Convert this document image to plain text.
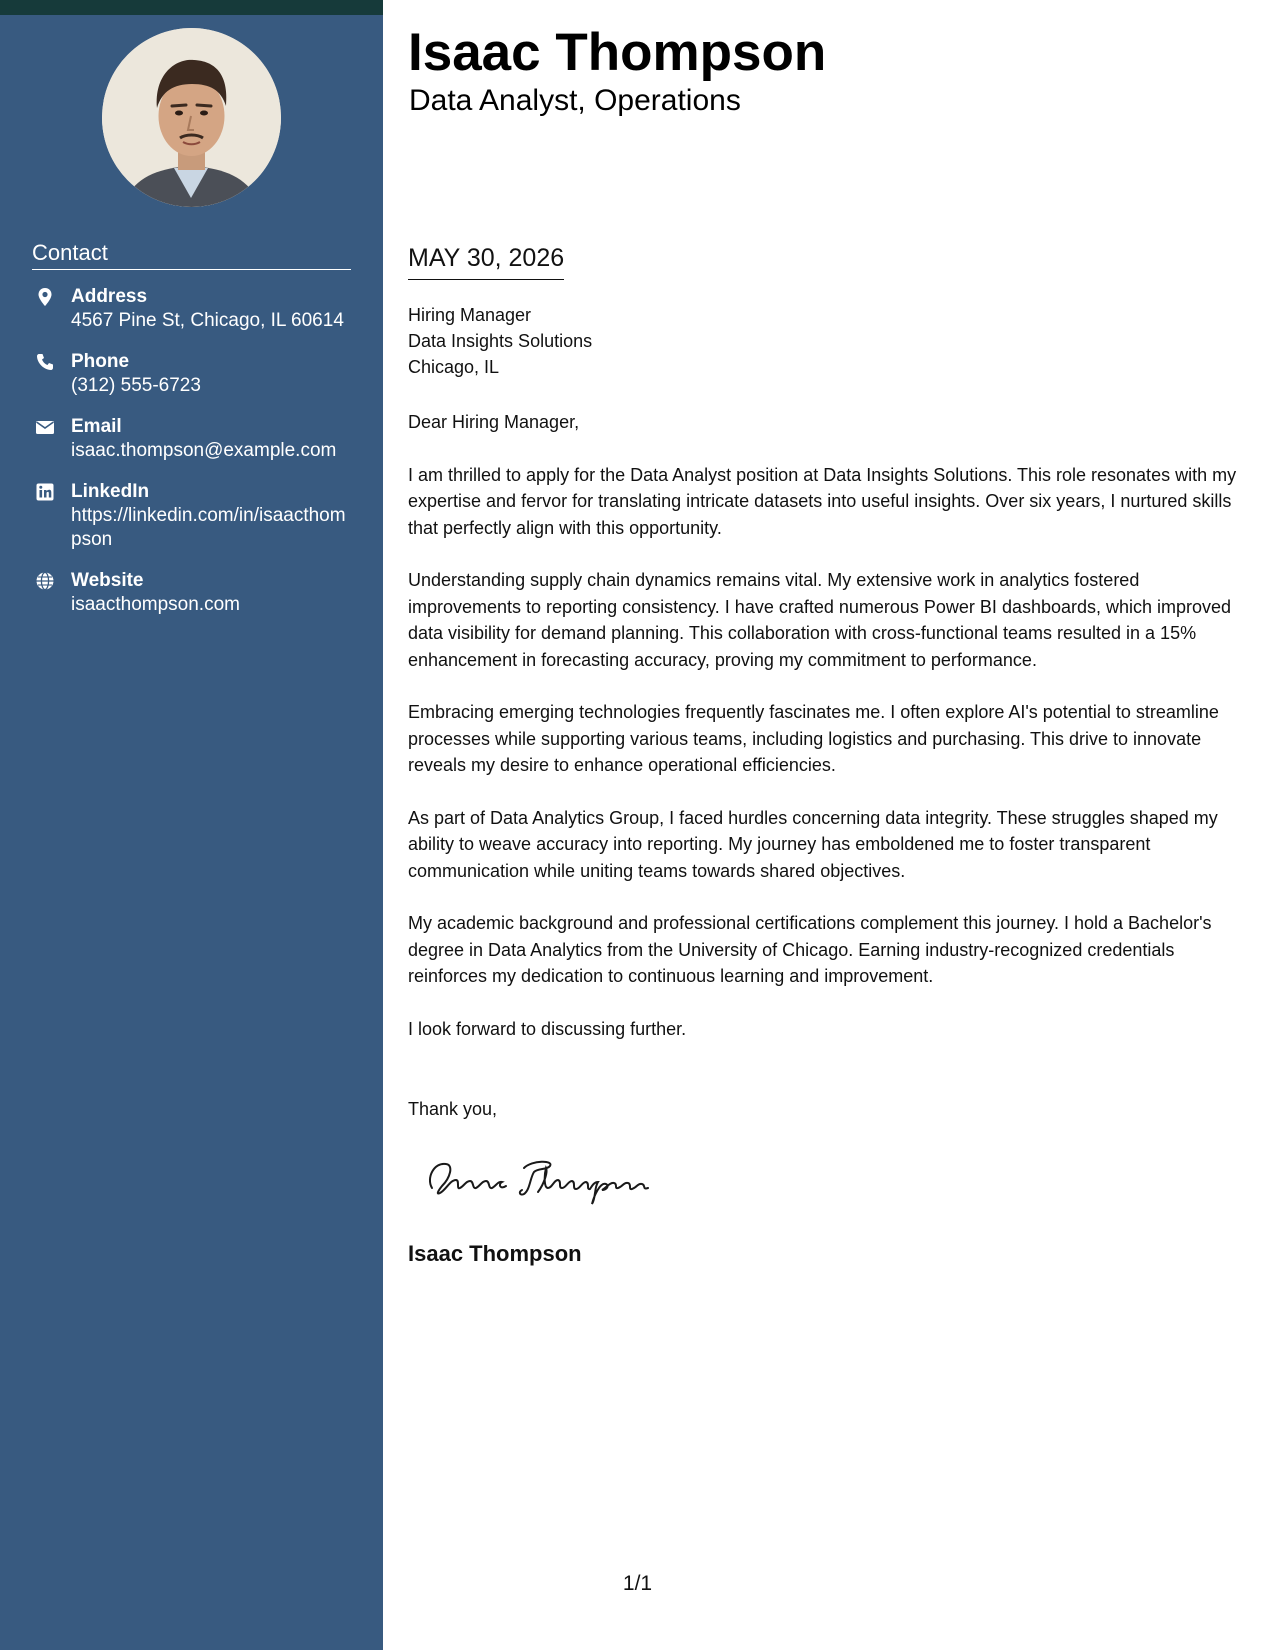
Contact
Address
4567 Pine St, Chicago, IL 60614
Phone
(312) 555-6723
Email
isaac.thompson@example.com
LinkedIn
https://linkedin.com/in/isaacthompson
Website
isaacthompson.com
Isaac Thompson
Data Analyst, Operations
MAY 30, 2026
Hiring Manager
Data Insights Solutions
Chicago, IL

Dear Hiring Manager,

I am thrilled to apply for the Data Analyst position at Data Insights Solutions. This role resonates with my expertise and fervor for translating intricate datasets into useful insights. Over six years, I nurtured skills that perfectly align with this opportunity.

Understanding supply chain dynamics remains vital. My extensive work in analytics fostered improvements to reporting consistency. I have crafted numerous Power BI dashboards, which improved data visibility for demand planning. This collaboration with cross-functional teams resulted in a 15% enhancement in forecasting accuracy, proving my commitment to performance.

Embracing emerging technologies frequently fascinates me. I often explore AI's potential to streamline processes while supporting various teams, including logistics and purchasing. This drive to innovate reveals my desire to enhance operational efficiencies.

As part of Data Analytics Group, I faced hurdles concerning data integrity. These struggles shaped my ability to weave accuracy into reporting. My journey has emboldened me to foster transparent communication while uniting teams towards shared objectives.

My academic background and professional certifications complement this journey. I hold a Bachelor's degree in Data Analytics from the University of Chicago. Earning industry-recognized credentials reinforces my dedication to continuous learning and improvement.

I look forward to discussing further.

Thank you,
Isaac Thompson
1/1
